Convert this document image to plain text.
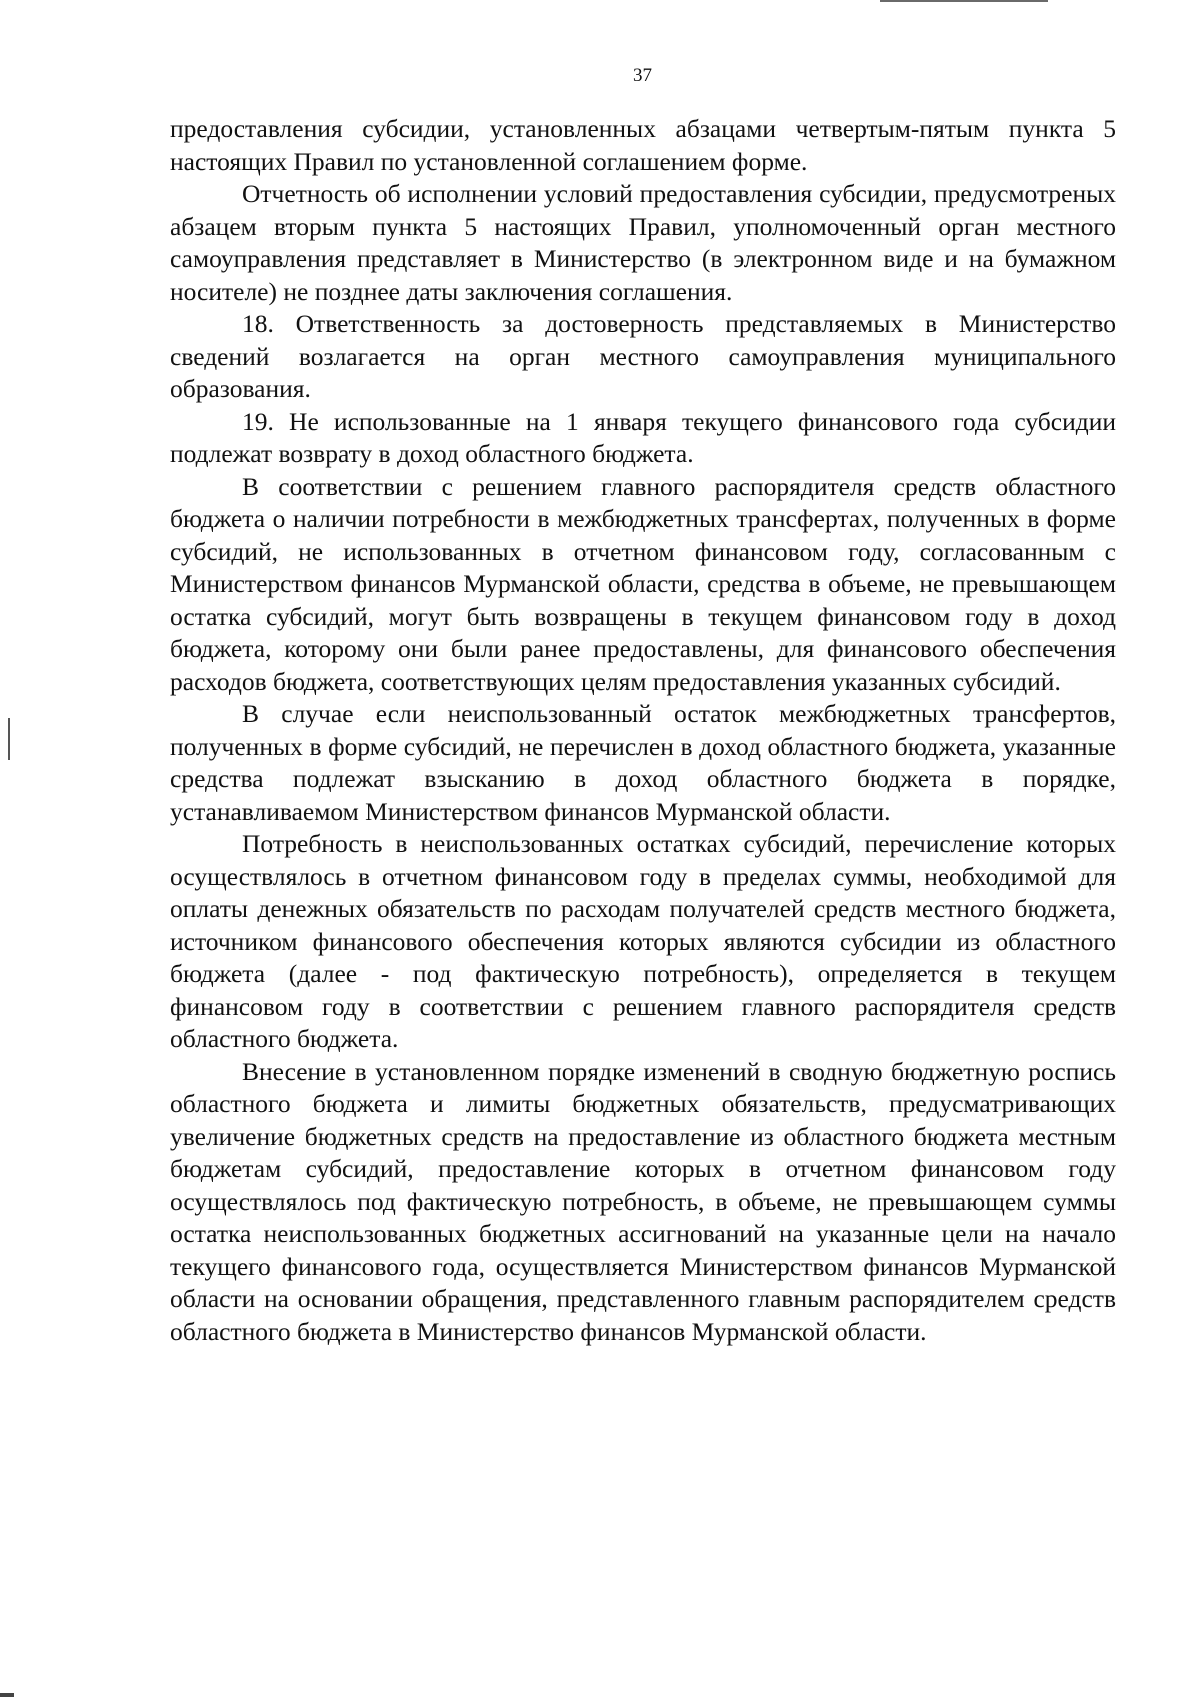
37

предоставления субсидии, установленных абзацами четвертым-пятым пункта 5 настоящих Правил по установленной соглашением форме.

Отчетность об исполнении условий предоставления субсидии, предусмотреных абзацем вторым пункта 5 настоящих Правил, уполномоченный орган местного самоуправления представляет в Министерство (в электронном виде и на бумажном носителе) не позднее даты заключения соглашения.

18. Ответственность за достоверность представляемых в Министерство сведений возлагается на орган местного самоуправления муниципального образования.

19. Не использованные на 1 января текущего финансового года субсидии подлежат возврату в доход областного бюджета.

В соответствии с решением главного распорядителя средств областного бюджета о наличии потребности в межбюджетных трансфертах, полученных в форме субсидий, не использованных в отчетном финансовом году, согласованным с Министерством финансов Мурманской области, средства в объеме, не превышающем остатка субсидий, могут быть возвращены в текущем финансовом году в доход бюджета, которому они были ранее предоставлены, для финансового обеспечения расходов бюджета, соответствующих целям предоставления указанных субсидий.

В случае если неиспользованный остаток межбюджетных трансфертов, полученных в форме субсидий, не перечислен в доход областного бюджета, указанные средства подлежат взысканию в доход областного бюджета в порядке, устанавливаемом Министерством финансов Мурманской области.

Потребность в неиспользованных остатках субсидий, перечисление которых осуществлялось в отчетном финансовом году в пределах суммы, необходимой для оплаты денежных обязательств по расходам получателей средств местного бюджета, источником финансового обеспечения которых являются субсидии из областного бюджета (далее - под фактическую потребность), определяется в текущем финансовом году в соответствии с решением главного распорядителя средств областного бюджета.

Внесение в установленном порядке изменений в сводную бюджетную роспись областного бюджета и лимиты бюджетных обязательств, предусматривающих увеличение бюджетных средств на предоставление из областного бюджета местным бюджетам субсидий, предоставление которых в отчетном финансовом году осуществлялось под фактическую потребность, в объеме, не превышающем суммы остатка неиспользованных бюджетных ассигнований на указанные цели на начало текущего финансового года, осуществляется Министерством финансов Мурманской области на основании обращения, представленного главным распорядителем средств областного бюджета в Министерство финансов Мурманской области.
